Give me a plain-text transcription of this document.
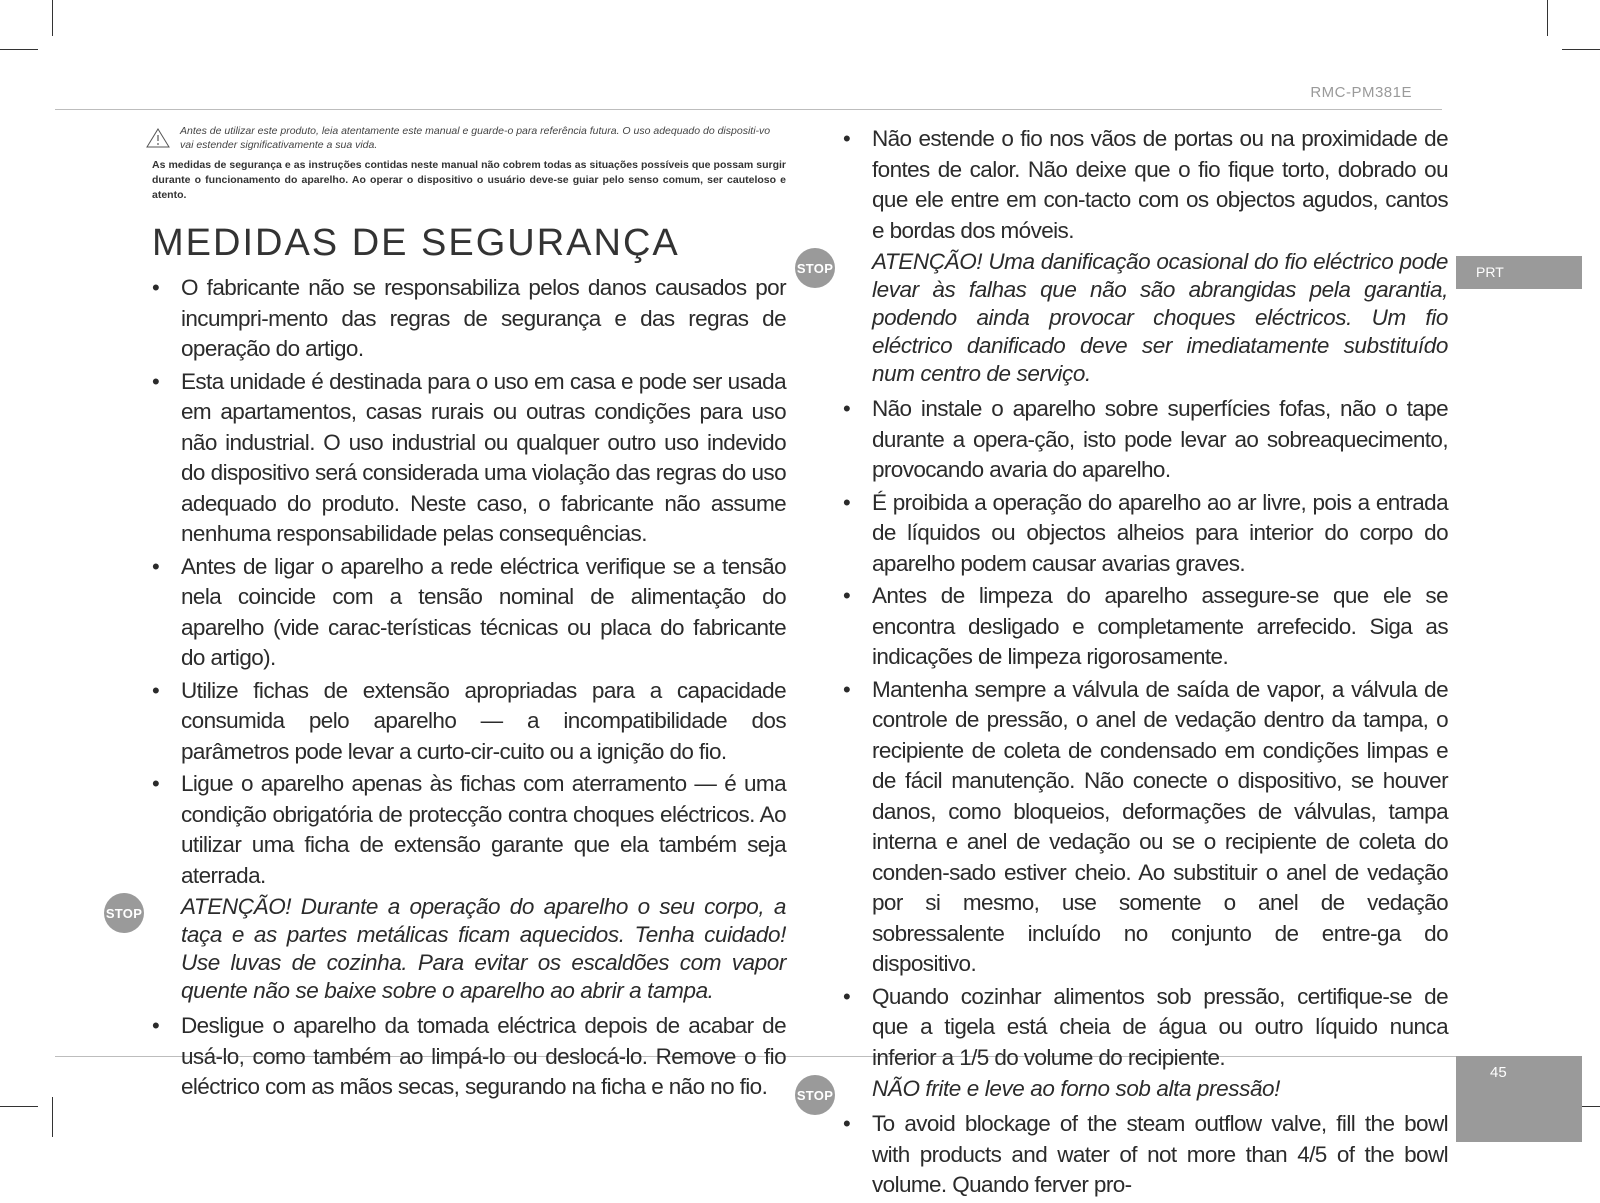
RMC-PM381E
PRT
45
Antes de utilizar este produto, leia atentamente este manual e guarde-o para referência futura. O uso adequado do dispositi-vo vai estender significativamente a sua vida.
As medidas de segurança e as instruções contidas neste manual não cobrem todas as situações possíveis que possam surgir durante o funcionamento do aparelho. Ao operar o dispositivo o usuário deve-se guiar pelo senso comum, ser cauteloso e atento.
MEDIDAS DE SEGURANÇA
• O fabricante não se responsabiliza pelos danos causados por incumpri-mento das regras de segurança e das regras de operação do artigo.
• Esta unidade é destinada para o uso em casa e pode ser usada em apartamentos, casas rurais ou outras condições para uso não industrial. O uso industrial ou qualquer outro uso indevido do dispositivo será considerada uma violação das regras do uso adequado do produto. Neste caso, o fabricante não assume nenhuma responsabilidade pelas consequências.
• Antes de ligar o aparelho a rede eléctrica verifique se a tensão nela coincide com a tensão nominal de alimentação do aparelho (vide carac-terísticas técnicas ou placa do fabricante do artigo).
• Utilize fichas de extensão apropriadas para a capacidade consumida pelo aparelho — a incompatibilidade dos parâmetros pode levar a curto-cir-cuito ou a ignição do fio.
• Ligue o aparelho apenas às fichas com aterramento — é uma condição obrigatória de protecção contra choques eléctricos. Ao utilizar uma ficha de extensão garante que ela também seja aterrada.
STOP ATENÇÃO! Durante a operação do aparelho o seu corpo, a taça e as partes metálicas ficam aquecidos. Tenha cuidado! Use luvas de cozinha. Para evitar os escaldões com vapor quente não se baixe sobre o aparelho ao abrir a tampa.
• Desligue o aparelho da tomada eléctrica depois de acabar de usá-lo, como também ao limpá-lo ou deslocá-lo. Remove o fio eléctrico com as mãos secas, segurando na ficha e não no fio.
• Não estende o fio nos vãos de portas ou na proximidade de fontes de calor. Não deixe que o fio fique torto, dobrado ou que ele entre em con-tacto com os objectos agudos, cantos e bordas dos móveis.
STOP ATENÇÃO! Uma danificação ocasional do fio eléctrico pode levar às falhas que não são abrangidas pela garantia, podendo ainda provocar choques eléctricos. Um fio eléctrico danificado deve ser imediatamente substituído num centro de serviço.
• Não instale o aparelho sobre superfícies fofas, não o tape durante a opera-ção, isto pode levar ao sobreaquecimento, provocando avaria do aparelho.
• É proibida a operação do aparelho ao ar livre, pois a entrada de líquidos ou objectos alheios para interior do corpo do aparelho podem causar avarias graves.
• Antes de limpeza do aparelho assegure-se que ele se encontra desligado e completamente arrefecido. Siga as indicações de limpeza rigorosamente.
• Mantenha sempre a válvula de saída de vapor, a válvula de controle de pressão, o anel de vedação dentro da tampa, o recipiente de coleta de condensado em condições limpas e de fácil manutenção. Não conecte o dispositivo, se houver danos, como bloqueios, deformações de válvulas, tampa interna e anel de vedação ou se o recipiente de coleta do conden-sado estiver cheio. Ao substituir o anel de vedação por si mesmo, use somente o anel de vedação sobressalente incluído no conjunto de entre-ga do dispositivo.
• Quando cozinhar alimentos sob pressão, certifique-se de que a tigela está cheia de água ou outro líquido nunca inferior a 1/5 do volume do recipiente.
STOP NÃO frite e leve ao forno sob alta pressão!
• To avoid blockage of the steam outflow valve, fill the bowl with products and water of not more than 4/5 of the bowl volume. Quando ferver pro-
